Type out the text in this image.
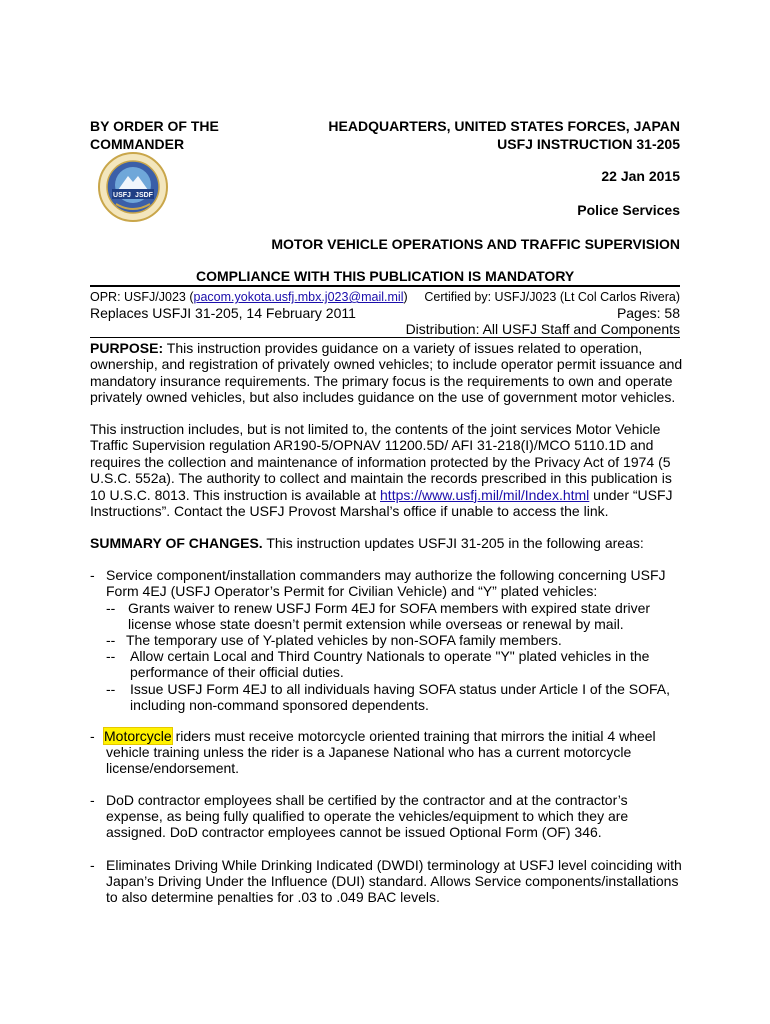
BY ORDER OF THE
COMMANDER
HEADQUARTERS, UNITED STATES FORCES, JAPAN
USFJ INSTRUCTION 31-205
22 Jan 2015
Police Services
MOTOR VEHICLE OPERATIONS AND TRAFFIC SUPERVISION
USFJ JSDF
COMPLIANCE WITH THIS PUBLICATION IS MANDATORY
OPR: USFJ/J023 (pacom.yokota.usfj.mbx.j023@mail.mil)	Certified by: USFJ/J023 (Lt Col Carlos Rivera)
Replaces USFJI 31-205, 14 February 2011	Pages: 58
Distribution: All USFJ Staff and Components
PURPOSE: This instruction provides guidance on a variety of issues related to operation, ownership, and registration of privately owned vehicles; to include operator permit issuance and mandatory insurance requirements. The primary focus is the requirements to own and operate privately owned vehicles, but also includes guidance on the use of government motor vehicles.
This instruction includes, but is not limited to, the contents of the joint services Motor Vehicle Traffic Supervision regulation AR190-5/OPNAV 11200.5D/ AFI 31-218(I)/MCO 5110.1D and requires the collection and maintenance of information protected by the Privacy Act of 1974 (5 U.S.C. 552a). The authority to collect and maintain the records prescribed in this publication is 10 U.S.C. 8013. This instruction is available at https://www.usfj.mil/mil/Index.html under “USFJ Instructions”. Contact the USFJ Provost Marshal’s office if unable to access the link.
SUMMARY OF CHANGES. This instruction updates USFJI 31-205 in the following areas:
- Service component/installation commanders may authorize the following concerning USFJ
Form 4EJ (USFJ Operator’s Permit for Civilian Vehicle) and “Y” plated vehicles:
-- Grants waiver to renew USFJ Form 4EJ for SOFA members with expired state driver
license whose state doesn’t permit extension while overseas or renewal by mail.
-- The temporary use of Y-plated vehicles by non-SOFA family members.
-- Allow certain Local and Third Country Nationals to operate "Y" plated vehicles in the
performance of their official duties.
-- Issue USFJ Form 4EJ to all individuals having SOFA status under Article I of the SOFA,
including non-command sponsored dependents.
- Motorcycle riders must receive motorcycle oriented training that mirrors the initial 4 wheel
vehicle training unless the rider is a Japanese National who has a current motorcycle
license/endorsement.
- DoD contractor employees shall be certified by the contractor and at the contractor’s
expense, as being fully qualified to operate the vehicles/equipment to which they are
assigned. DoD contractor employees cannot be issued Optional Form (OF) 346.
- Eliminates Driving While Drinking Indicated (DWDI) terminology at USFJ level coinciding with
Japan’s Driving Under the Influence (DUI) standard. Allows Service components/installations
to also determine penalties for .03 to .049 BAC levels.
